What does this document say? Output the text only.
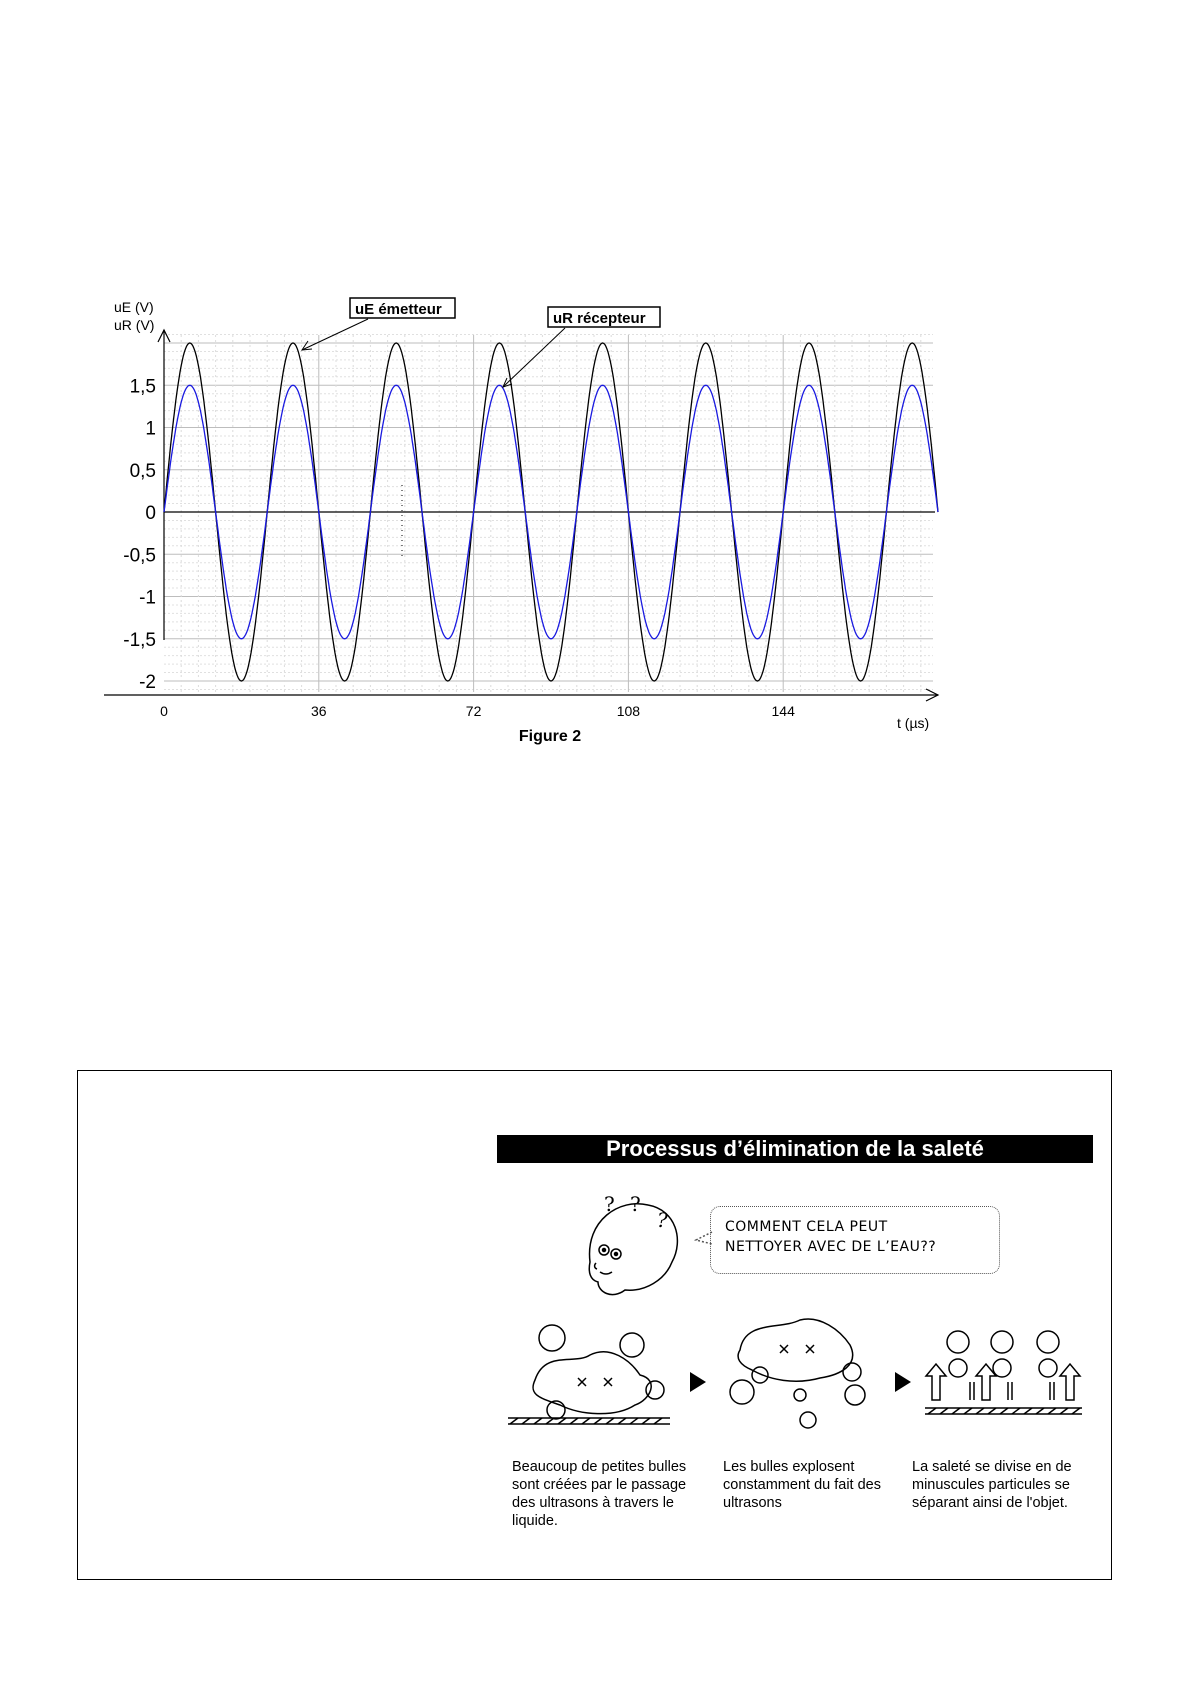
1,5
1
0,5
0
-0,5
-1
-1,5
-2
0	36	72	108	144
uE (V)
uR (V)
t (µs)
uE émetteur
uR récepteur
Figure 2
Processus d’élimination de la saleté
? ?
?	COMMENT CELA PEUT
NETTOYER AVEC DE L’EAU??
Beaucoup de petites bulles sont créées par le passage des ultrasons à travers le liquide.
Les bulles explosent constamment du fait des ultrasons
La saleté se divise en de minuscules particules se séparant ainsi de l'objet.
